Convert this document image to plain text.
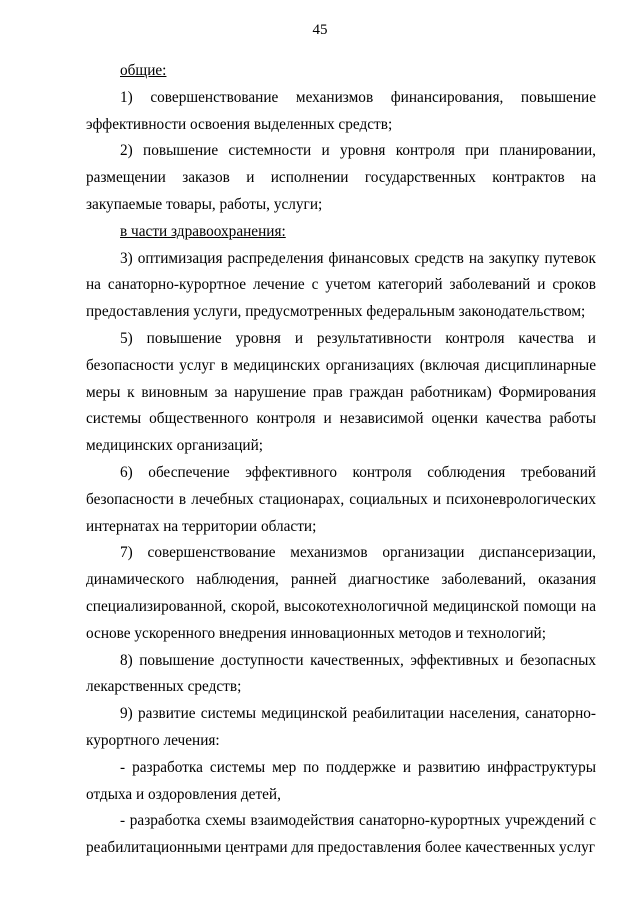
45

общие:

1) совершенствование механизмов финансирования, повышение эффективности освоения выделенных средств;

2) повышение системности и уровня контроля при планировании, размещении заказов и исполнении государственных контрактов на закупаемые товары, работы, услуги;

в части здравоохранения:

3) оптимизация распределения финансовых средств на закупку путевок на санаторно-курортное лечение с учетом категорий заболеваний и сроков предоставления услуги, предусмотренных федеральным законодательством;

5) повышение уровня и результативности контроля качества и безопасности услуг в медицинских организациях (включая дисциплинарные меры к виновным за нарушение прав граждан работникам) Формирования системы общественного контроля и независимой оценки качества работы медицинских организаций;

6) обеспечение эффективного контроля соблюдения требований безопасности в лечебных стационарах, социальных и психоневрологических интернатах на территории области;

7) совершенствование механизмов организации диспансеризации, динамического наблюдения, ранней диагностике заболеваний, оказания специализированной, скорой, высокотехнологичной медицинской помощи на основе ускоренного внедрения инновационных методов и технологий;

8) повышение доступности качественных, эффективных и безопасных лекарственных средств;

9) развитие системы медицинской реабилитации населения, санаторно-курортного лечения:

- разработка системы мер по поддержке и развитию инфраструктуры отдыха и оздоровления детей,

- разработка схемы взаимодействия санаторно-курортных учреждений с реабилитационными центрами для предоставления более качественных услуг
